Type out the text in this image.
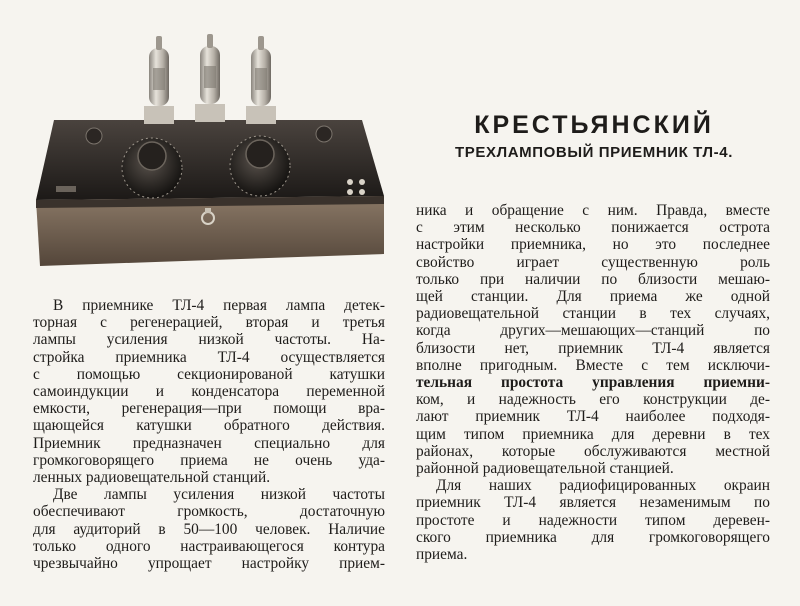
КРЕСТЬЯНСКИЙ
ТРЕХЛАМПОВЫЙ ПРИЕМНИК ТЛ-4.
В приемнике ТЛ-4 первая лампа детек-
торная с регенерацией, вторая и третья
лампы усиления низкой частоты. На-
стройка приемника ТЛ-4 осуществляется
с помощью секционированой катушки
самоиндукции и конденсатора переменной
емкости, регенерация—при помощи вра-
щающейся катушки обратного действия.
Приемник предназначен специально для
громкоговорящего приема не очень уда-
ленных радиовещательной станций.
Две лампы усиления низкой частоты
обеспечивают громкость, достаточную
для аудиторий в 50—100 человек. Наличие
только одного настраивающегося контура
чрезвычайно упрощает настройку прием-
ника и обращение с ним. Правда, вместе
с этим несколько понижается острота
настройки приемника, но это последнее
свойство играет существенную роль
только при наличии по близости мешаю-
щей станции. Для приема же одной
радиовещательной станции в тех случаях,
когда других—мешающих—станций по
близости нет, приемник ТЛ-4 является
вполне пригодным. Вместе с тем исключи-
тельная простота управления приемни-
ком, и надежность его конструкции де-
лают приемник ТЛ-4 наиболее подходя-
щим типом приемника для деревни в тех
районах, которые обслуживаются местной
районной радиовещательной станцией.
Для наших радиофицированных окраин
приемник ТЛ-4 является незаменимым по
простоте и надежности типом деревен-
ского приемника для громкоговорящего
приема.
